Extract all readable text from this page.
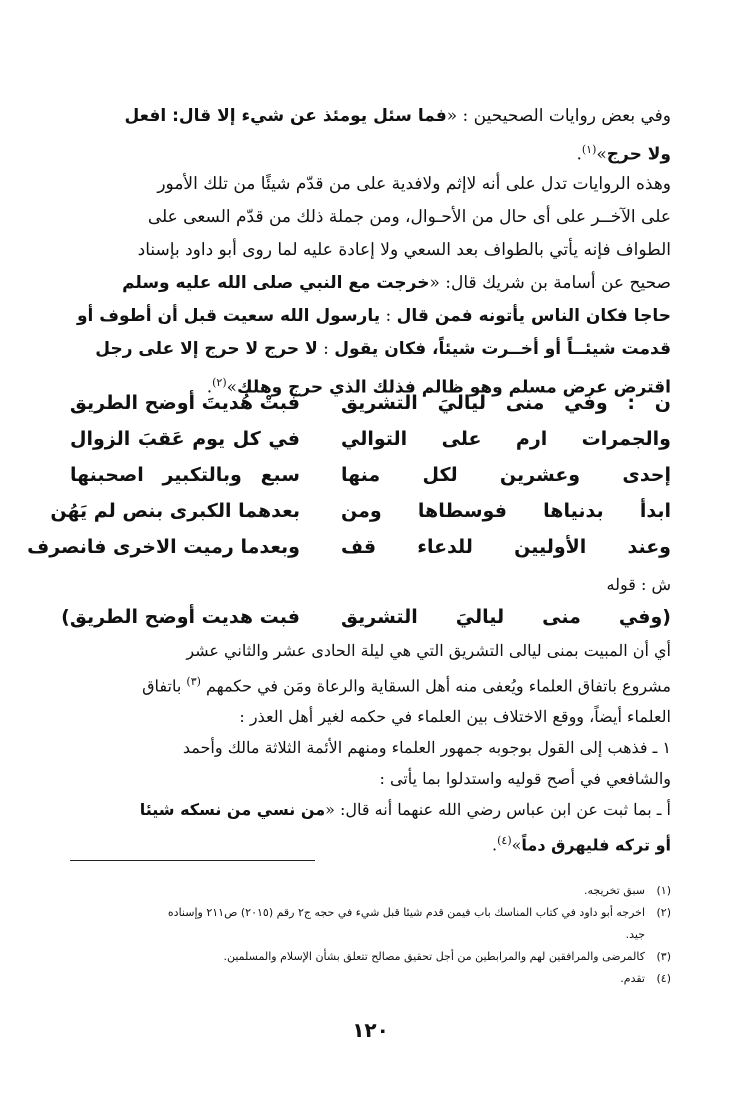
وفي بعض روايات الصحيحين : «فما سئل يومئذ عن شيء إلا قال: افعل
ولا حرج»$^{(١)}$.
وهذه الروايات تدل على أنه لاإثم ولافدية على من قدّم شيئًا من تلك الأمور
على الآخــر على أى حال من الأحـوال، ومن جملة ذلك من قدّم السعى على
الطواف فإنه يأتي بالطواف بعد السعي ولا إعادة عليه لما روى أبو داود بإسناد
صحيح عن أسامة بن شريك قال: «خرجت مع النبي صلى الله عليه وسلم
حاجا فكان الناس يأتونه فمن قال : يارسول الله سعيت قبل أن أطوف أو
قدمت شيئــاً أو أخــرت شيئاً، فكان يقول : لا حرج لا حرج إلا على رجل
اقترض عرض مسلم وهو ظالم فذلك الذي حرج وهلك»$^{(٢)}$.
ن : وفي منى لياليَ التشريق
فَبتْ هُديتَ أوضح الطريق
والجمرات ارم على التوالي
في كل يوم عَقبَ الزوال
إحدى وعشرين لكل منها
سبع وبالتكبير اصحبنها
ابدأ بدنياها فوسطاها ومن
بعدهما الكبرى بنص لم يَهُن
وعند الأوليين للدعاء قف
وبعدما رميت الاخرى فانصرف
ش : قوله
(وفي منى لياليَ التشريق
فبت هديت أوضح الطريق)
أي أن المبيت بمنى ليالى التشريق التي هي ليلة الحادى عشر والثاني عشر
مشروع باتفاق العلماء ويُعفى منه أهل السقاية والرعاة ومَن في حكمهم $^{(٣)}$ باتفاق
العلماء أيضاً، ووقع الاختلاف بين العلماء في حكمه لغير أهل العذر :
١ ـ فذهب إلى القول بوجوبه جمهور العلماء ومنهم الأئمة الثلاثة مالك وأحمد
والشافعي في أصح قوليه واستدلوا بما يأتى :
أ ـ بما ثبت عن ابن عباس رضي الله عنهما أنه قال: «من نسي من نسكه شيئا
أو تركه فليهرق دماً»$^{(٤)}$.
(١)سبق تخريجه.
(٢)اخرجه أبو داود في كتاب المناسك باب فيمن قدم شيئا قبل شيء في حجه ج٢ رقم (٢٠١٥) ص٢١١ وإسناده
جيد.
(٣)كالمرضى والمرافقين لهم والمرابطين من أجل تحقيق مصالح تتعلق بشأن الإسلام والمسلمين.
(٤)تقدم.
١٢٠
